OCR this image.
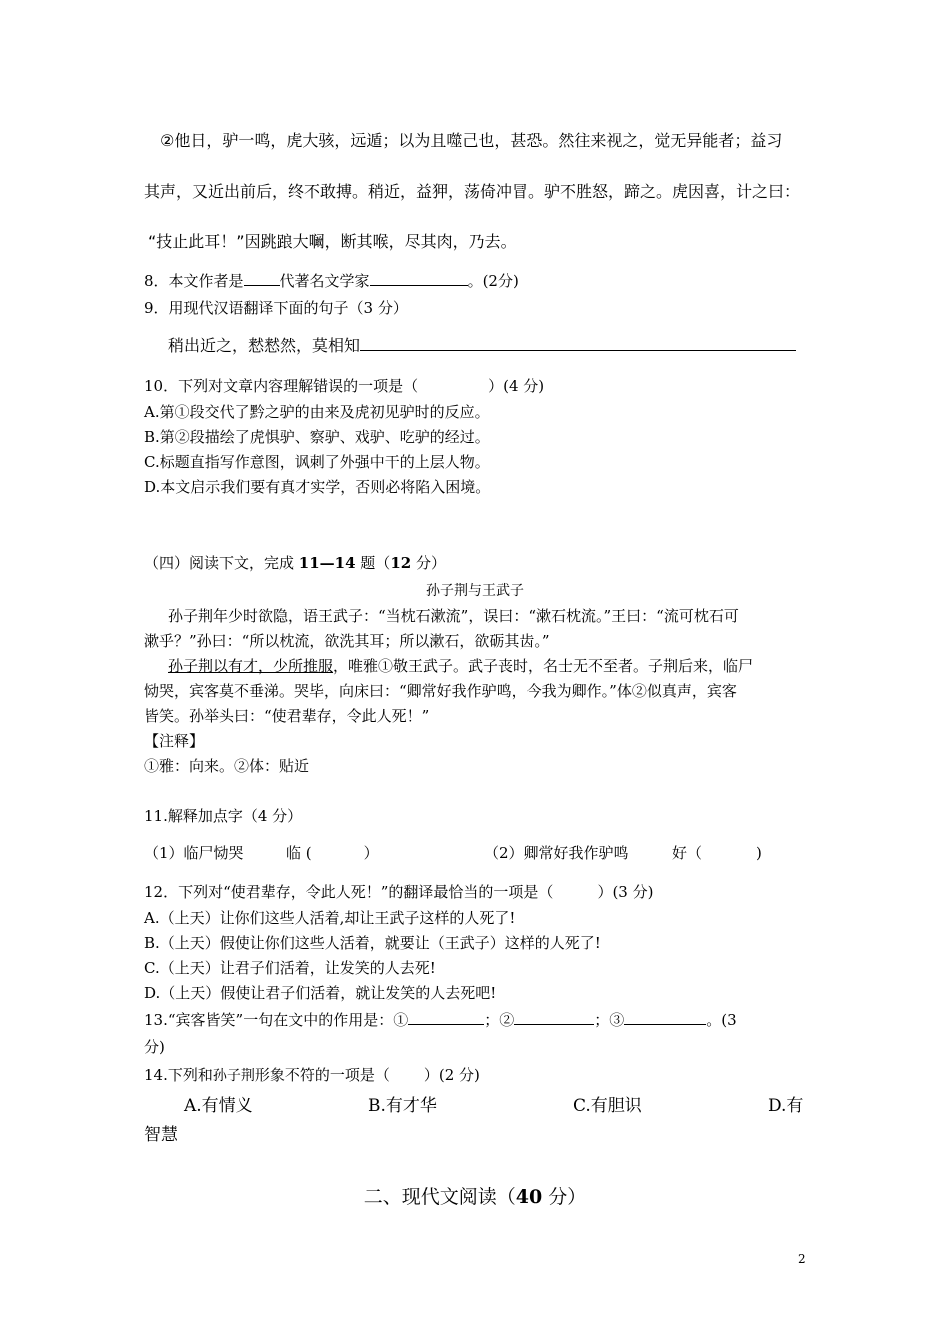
②他日，驴一鸣，虎大骇，远遁；以为且噬己也，甚恐。然往来视之，觉无异能者；益习
其声，又近出前后，终不敢搏。稍近，益狎，荡倚冲冒。驴不胜怒，蹄之。虎因喜，计之曰：
“技止此耳！”因跳踉大㘎，断其喉，尽其肉，乃去。
8．本文作者是 代著名文学家	。(2分)
9．用现代汉语翻译下面的句子（3 分）
稍出近之，慭慭然，莫相知
10．下列对文章内容理解错误的一项是（	）(4 分)
A.第①段交代了黔之驴的由来及虎初见驴时的反应。
B.第②段描绘了虎惧驴、察驴、戏驴、吃驴的经过。
C.标题直指写作意图，讽刺了外强中干的上层人物。
D.本文启示我们要有真才实学，否则必将陷入困境。
（四）阅读下文，完成 11—14 题（12 分）
孙子荆与王武子
孙子荆年少时欲隐，语王武子：“当枕石漱流”，误曰：“漱石枕流。”王曰：“流可枕石可
漱乎？”孙曰：“所以枕流，欲洗其耳；所以漱石，欲砺其齿。”
孙子荆以有才，少所推服，唯雅①敬王武子。武子丧时，名士无不至者。子荆后来，临尸
恸哭，宾客莫不垂涕。哭毕，向床曰：“卿常好我作驴鸣，今我为卿作。”体②似真声，宾客
皆笑。孙举头曰：“使君辈存，令此人死！”
【注释】
①雅：向来。②体：贴近
11.解释加点字（4 分）
（1）临尸恸哭	临 (	）	（2）卿常好我作驴鸣	好（	)
12．下列对“使君辈存，令此人死！”的翻译最恰当的一项是（	）(3 分)
A.（上天）让你们这些人活着,却让王武子这样的人死了!
B.（上天）假使让你们这些人活着，就要让（王武子）这样的人死了!
C.（上天）让君子们活着，让发笑的人去死!
D.（上天）假使让君子们活着，就让发笑的人去死吧!
13.“宾客皆笑”一句在文中的作用是：①	；②	；③	。(3
分)
14.下列和孙子荆形象不符的一项是（ ）(2 分)
A.有情义	B.有才华	C.有胆识	D.有
智慧
二、现代文阅读（40 分）
2
